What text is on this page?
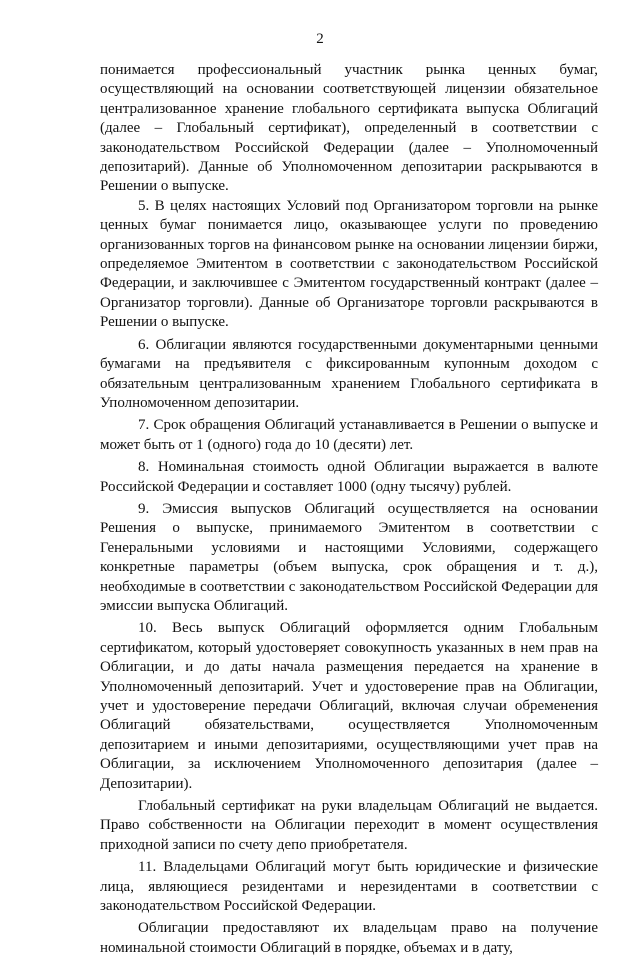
2

понимается профессиональный участник рынка ценных бумаг, осуществляющий на основании соответствующей лицензии обязательное централизованное хранение глобального сертификата выпуска Облигаций (далее – Глобальный сертификат), определенный в соответствии с законодательством Российской Федерации (далее – Уполномоченный депозитарий). Данные об Уполномоченном депозитарии раскрываются в Решении о выпуске.

5. В целях настоящих Условий под Организатором торговли на рынке ценных бумаг понимается лицо, оказывающее услуги по проведению организованных торгов на финансовом рынке на основании лицензии биржи, определяемое Эмитентом в соответствии с законодательством Российской Федерации, и заключившее с Эмитентом государственный контракт (далее – Организатор торговли). Данные об Организаторе торговли раскрываются в Решении о выпуске.

6. Облигации являются государственными документарными ценными бумагами на предъявителя с фиксированным купонным доходом с обязательным централизованным хранением Глобального сертификата в Уполномоченном депозитарии.

7. Срок обращения Облигаций устанавливается в Решении о выпуске и может быть от 1 (одного) года до 10 (десяти) лет.

8. Номинальная стоимость одной Облигации выражается в валюте Российской Федерации и составляет 1000 (одну тысячу) рублей.

9. Эмиссия выпусков Облигаций осуществляется на основании Решения о выпуске, принимаемого Эмитентом в соответствии с Генеральными условиями и настоящими Условиями, содержащего конкретные параметры (объем выпуска, срок обращения и т. д.), необходимые в соответствии с законодательством Российской Федерации для эмиссии выпуска Облигаций.

10. Весь выпуск Облигаций оформляется одним Глобальным сертификатом, который удостоверяет совокупность указанных в нем прав на Облигации, и до даты начала размещения передается на хранение в Уполномоченный депозитарий. Учет и удостоверение прав на Облигации, учет и удостоверение передачи Облигаций, включая случаи обременения Облигаций обязательствами, осуществляется Уполномоченным депозитарием и иными депозитариями, осуществляющими учет прав на Облигации, за исключением Уполномоченного депозитария (далее – Депозитарии).

Глобальный сертификат на руки владельцам Облигаций не выдается. Право собственности на Облигации переходит в момент осуществления приходной записи по счету депо приобретателя.

11. Владельцами Облигаций могут быть юридические и физические лица, являющиеся резидентами и нерезидентами в соответствии с законодательством Российской Федерации.

Облигации предоставляют их владельцам право на получение номинальной стоимости Облигаций в порядке, объемах и в дату,
